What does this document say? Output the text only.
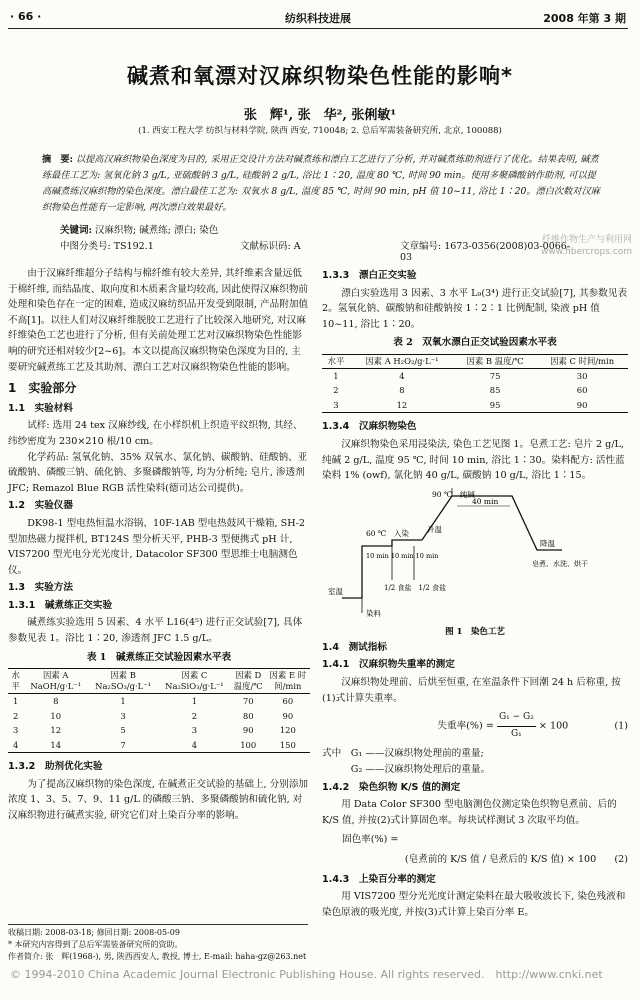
· 66 ·	纺织科技进展	2008 年第 3 期
碱煮和氧漂对汉麻织物染色性能的影响*
张　辉¹, 张　华², 张俐敏¹
(1. 西安工程大学 纺织与材料学院, 陕西 西安, 710048; 2. 总后军需装备研究所, 北京, 100088)
摘　要: 以提高汉麻织物染色深度为目的, 采用正交设计方法对碱煮练和漂白工艺进行了分析, 并对碱煮练助剂进行了优化。结果表明, 碱煮练最佳工艺为: 氢氧化钠 3 g/L, 亚硫酸钠 3 g/L, 硅酸钠 2 g/L, 浴比 1∶20, 温度 80 ℃, 时间 90 min。使用多聚磷酸钠作助剂, 可以提高碱煮练汉麻织物的染色深度。漂白最佳工艺为: 双氧水 8 g/L, 温度 85 ℃, 时间 90 min, pH 值 10~11, 浴比 1∶20。漂白次数对汉麻织物染色性能有一定影响, 两次漂白效果最好。
关键词: 汉麻织物; 碱煮练; 漂白; 染色
中图分类号: TS192.1	文献标识码: A	文章编号: 1673-0356(2008)03-0066-03
纤维作物生产与利用网
www.fibercrops.com

由于汉麻纤维超分子结构与棉纤维有较大差异, 其纤维素含量远低于棉纤维, 而结晶度、取向度和木质素含量均较高, 因此使得汉麻织物前处理和染色存在一定的困难, 造成汉麻纺织品开发受到限制, 产品附加值不高[1]。以往人们对汉麻纤维脱胶工艺进行了比较深入地研究, 对汉麻纤维染色工艺也进行了分析, 但有关前处理工艺对汉麻织物染色性能影响的研究还相对较少[2~6]。本文以提高汉麻织物染色深度为目的, 主要研究碱煮练工艺及其助剂、漂白工艺对汉麻织物染色性能的影响。

1　实验部分
1.1　实验材料

试样: 选用 24 tex 汉麻纱线, 在小样织机上织造平纹织物, 其经、纬纱密度为 230×210 根/10 cm。

化学药品: 氢氧化钠、35% 双氧水、氯化钠、碳酸钠、硅酸钠、亚硫酸钠、磷酸三钠、硫化钠、多聚磷酸钠等, 均为分析纯; 皂片, 渗透剂 JFC; Remazol Blue RGB 活性染料(德司达公司提供)。

1.2　实验仪器

DK98-1 型电热恒温水浴锅、10F-1AB 型电热鼓风干燥箱, SH-2 型加热磁力搅拌机, BT124S 型分析天平, PHB-3 型便携式 pH 计, VIS7200 型光电分光光度计, Datacolor SF300 型思维士电脑测色仪。

1.3　实验方法
1.3.1　碱煮练正交实验

碱煮练实验选用 5 因素、4 水平 L16(4⁵) 进行正交试验[7], 具体参数见表 1。浴比 1∶20, 渗透剂 JFC 1.5 g/L。

表 1　碱煮练正交试验因素水平表
水平	因素 A NaOH/g·L⁻¹	因素 B Na₂SO₃/g·L⁻¹	因素 C Na₂SiO₃/g·L⁻¹	因素 D 温度/℃	因素 E 时间/min
1	8	1	1	70	60
2	10	3	2	80	90
3	12	5	3	90	120
4	14	7	4	100	150
1.3.2　助剂优化实验

为了提高汉麻织物的染色深度, 在碱煮正交试验的基础上, 分别添加浓度 1、3、5、7、9、11 g/L 的磷酸三钠、多聚磷酸钠和硫化钠, 对汉麻织物进行碱煮实验, 研究它们对上染百分率的影响。

收稿日期: 2008-03-18; 修回日期: 2008-05-09

* 本研究内容得到了总后军需装备研究所的资助。

作者简介: 张　辉(1968-), 男, 陕西西安人, 教授, 博士, E-mail: haha-gz@263.net

1.3.3　漂白正交实验

漂白实验选用 3 因素、3 水平 L₉(3⁴) 进行正交试验[7], 其参数见表 2。氢氧化钠、碳酸钠和硅酸钠按 1∶2∶1 比例配制, 染液 pH 值 10~11, 浴比 1∶20。

表 2　双氧水漂白正交试验因素水平表
水平	因素 A H₂O₂/g·L⁻¹	因素 B 温度/℃	因素 C 时间/min
1	4	75	30
2	8	85	60
3	12	95	90
1.3.4　汉麻织物染色

汉麻织物染色采用浸染法, 染色工艺见图 1。皂煮工艺: 皂片 2 g/L, 纯碱 2 g/L, 温度 95 ℃, 时间 10 min, 浴比 1∶30。染料配方: 活性蓝染料 1% (owf), 氯化钠 40 g/L, 碳酸钠 10 g/L, 浴比 1∶15。

90 ℃　纯碱
40 min
60 ℃　入染 升温
降温
10 min 10 min 10 min
1/2 食盐　1/2 食盐
室温
染料
皂煮、水洗、烘干
图 1　染色工艺
1.4　测试指标
1.4.1　汉麻织物失重率的测定

汉麻织物处理前、后烘至恒重, 在室温条件下回潮 24 h 后称重, 按(1)式计算失重率。

失重率(%) = $\frac{\text{G₁ − G₂}}{\text{G₁}} \times 100$	(1)

式中　G₁ ——汉麻织物处理前的重量;

　　　G₂ ——汉麻织物处理后的重量。

1.4.2　染色织物 K/S 值的测定

用 Data Color SF300 型电脑测色仪测定染色织物皂煮前、后的 K/S 值, 并按(2)式计算固色率。每块试样测试 3 次取平均值。

固色率(%) =
(皂煮前的 K/S 值 / 皂煮后的 K/S 值) × 100 (2)
1.4.3　上染百分率的测定

用 VIS7200 型分光光度计测定染料在最大吸收波长下, 染色残液和染色原液的吸光度, 并按(3)式计算上染百分率 E。

© 1994-2010 China Academic Journal Electronic Publishing House. All rights reserved.　http://www.cnki.net
